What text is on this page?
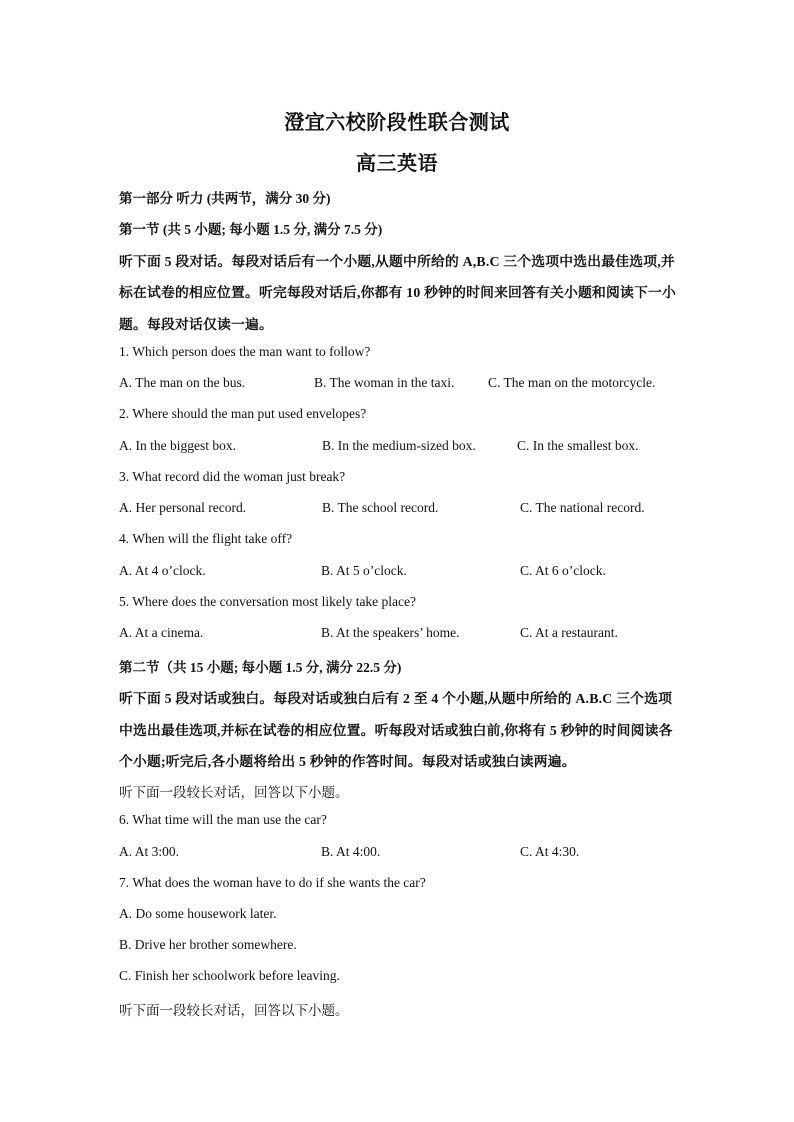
澄宜六校阶段性联合测试
高三英语
第一部分 听力 (共两节，满分 30 分)
第一节 (共 5 小题; 每小题 1.5 分, 满分 7.5 分)
听下面 5 段对话。每段对话后有一个小题,从题中所给的 A,B.C 三个选项中选出最佳选项,并
标在试卷的相应位置。听完每段对话后,你都有 10 秒钟的时间来回答有关小题和阅读下一小
题。每段对话仅读一遍。
1. Which person does the man want to follow?
A. The man on the bus.	B. The woman in the taxi. C. The man on the motorcycle.
2. Where should the man put used envelopes?
A. In the biggest box.	B. In the medium-sized box.	C. In the smallest box.
3. What record did the woman just break?
A. Her personal record.	B. The school record.	C. The national record.
4. When will the flight take off?
A. At 4 o’clock.	B. At 5 o’clock.	C. At 6 o’clock.
5. Where does the conversation most likely take place?
A. At a cinema.	B. At the speakers’ home.	C. At a restaurant.
第二节（共 15 小题; 每小题 1.5 分, 满分 22.5 分)
听下面 5 段对话或独白。每段对话或独白后有 2 至 4 个小题,从题中所给的 A.B.C 三个选项
中选出最佳选项,并标在试卷的相应位置。听每段对话或独白前,你将有 5 秒钟的时间阅读各
个小题;听完后,各小题将给出 5 秒钟的作答时间。每段对话或独白读两遍。
听下面一段较长对话，回答以下小题。
6. What time will the man use the car?
A. At 3:00.	B. At 4:00.	C. At 4:30.
7. What does the woman have to do if she wants the car?
A. Do some housework later.
B. Drive her brother somewhere.
C. Finish her schoolwork before leaving.
听下面一段较长对话，回答以下小题。
